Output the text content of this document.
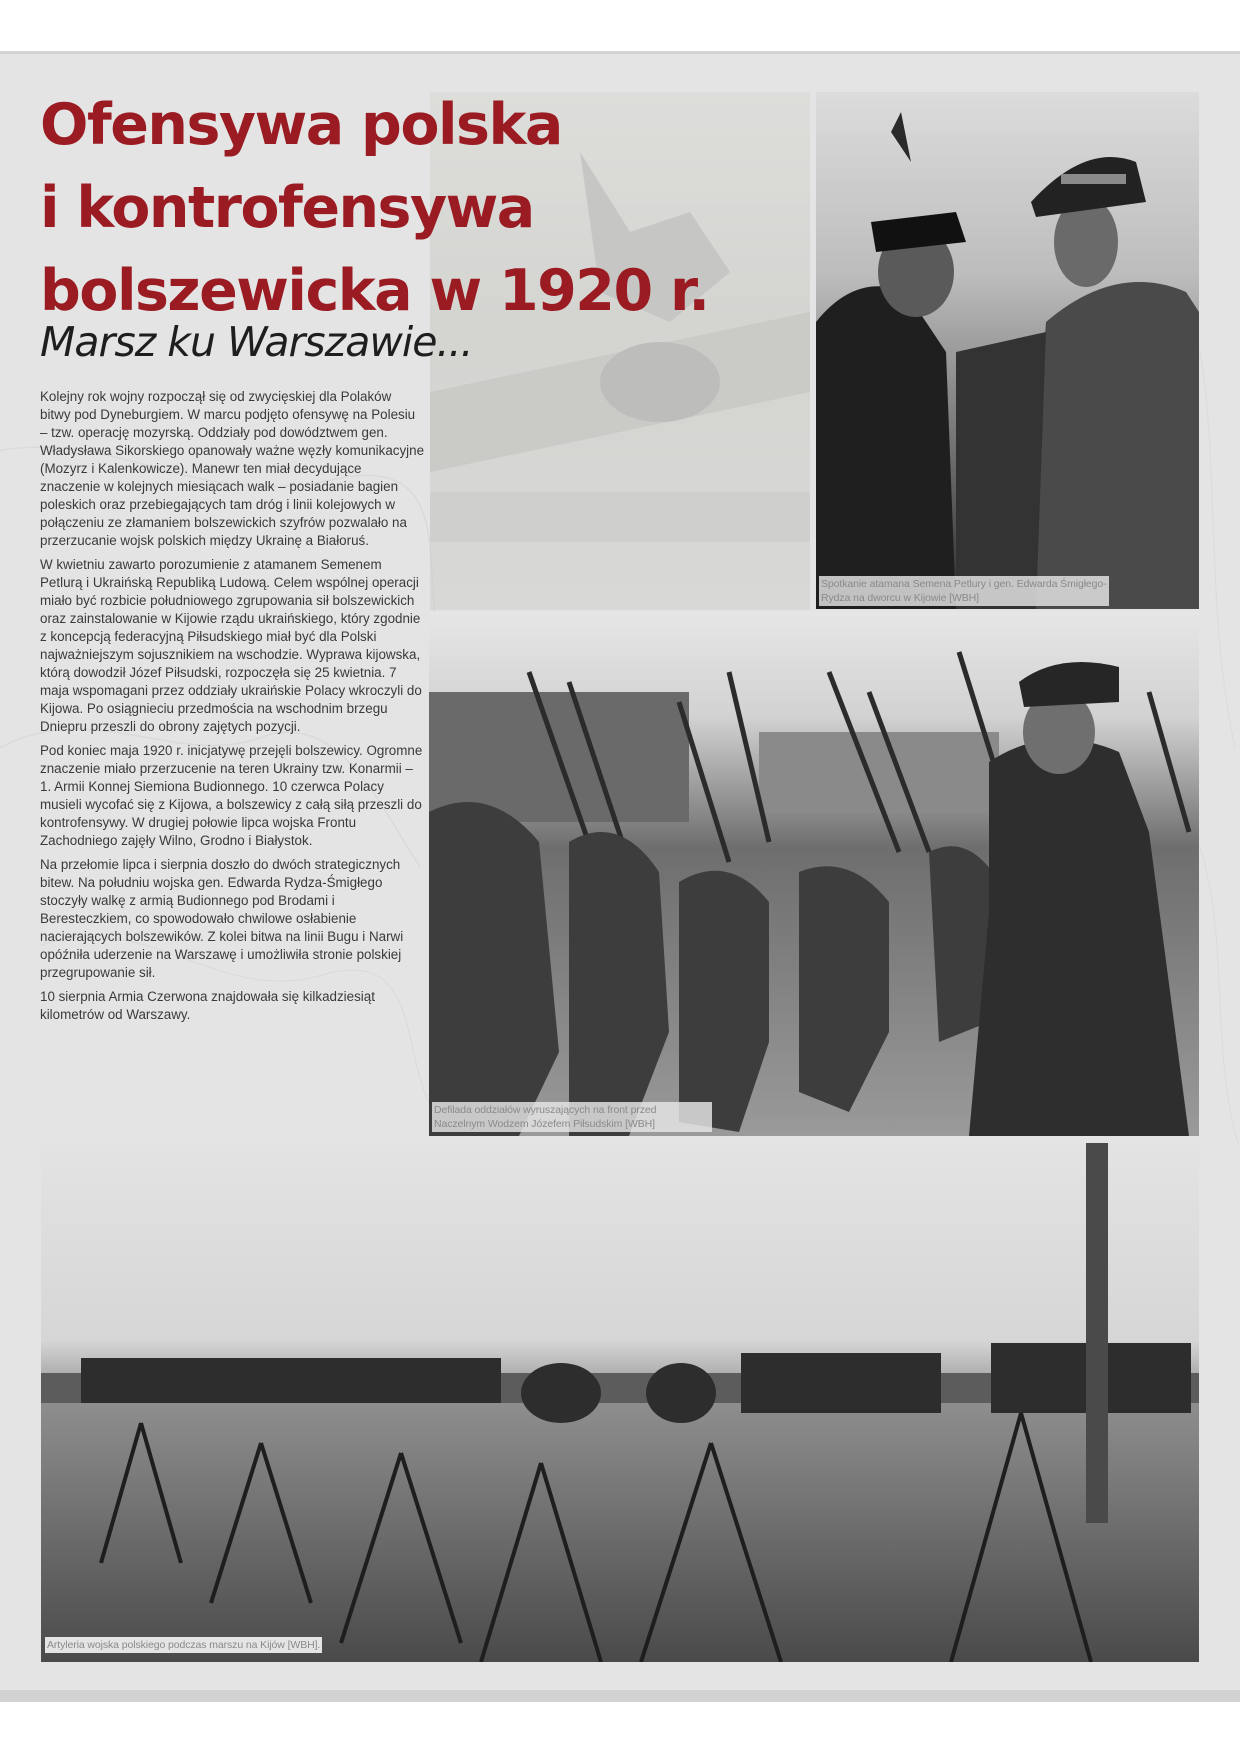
Spotkanie atamana Semena Petlury i gen. Edwarda Śmigłego-Rydza na dworcu w Kijowie [WBH]
Defilada oddziałów wyruszających na front przed Naczelnym Wodzem Józefem Piłsudskim [WBH]
Artyleria wojska polskiego podczas marszu na Kijów [WBH].
Ofensywa polska
i kontrofensywa
bolszewicka w 1920 r.
Marsz ku Warszawie...

Kolejny rok wojny rozpoczął się od zwycięskiej dla Polaków bitwy pod Dyneburgiem. W marcu podjęto ofensywę na Polesiu – tzw. operację mozyrską. Oddziały pod dowództwem gen. Władysława Sikorskiego opanowały ważne węzły komunikacyjne (Mozyrz i Kalenkowicze). Manewr ten miał decydujące znaczenie w kolejnych miesiącach walk – posiadanie bagien poleskich oraz przebiegających tam dróg i linii kolejowych w połączeniu ze złamaniem bolszewickich szyfrów pozwalało na przerzucanie wojsk polskich między Ukrainę a Białoruś.

W kwietniu zawarto porozumienie z atamanem Semenem Petlurą i Ukraińską Republiką Ludową. Celem wspólnej operacji miało być rozbicie południowego zgrupowania sił bolszewickich oraz zainstalowanie w Kijowie rządu ukraińskiego, który zgodnie z koncepcją federacyjną Piłsudskiego miał być dla Polski najważniejszym sojusznikiem na wschodzie. Wyprawa kijowska, którą dowodził Józef Piłsudski, rozpoczęła się 25 kwietnia. 7 maja wspomagani przez oddziały ukraińskie Polacy wkroczyli do Kijowa. Po osiągnieciu przedmościa na wschodnim brzegu Dniepru przeszli do obrony zajętych pozycji.

Pod koniec maja 1920 r. inicjatywę przejęli bolszewicy. Ogromne znaczenie miało przerzucenie na teren Ukrainy tzw. Konarmii – 1. Armii Konnej Siemiona Budionnego. 10 czerwca Polacy musieli wycofać się z Kijowa, a bolszewicy z całą siłą przeszli do kontrofensywy. W drugiej połowie lipca wojska Frontu Zachodniego zajęły Wilno, Grodno i Białystok.

Na przełomie lipca i sierpnia doszło do dwóch strategicznych bitew. Na południu wojska gen. Edwarda Rydza-Śmigłego stoczyły walkę z armią Budionnego pod Brodami i Beresteczkiem, co spowodowało chwilowe osłabienie nacierających bolszewików. Z kolei bitwa na linii Bugu i Narwi opóźniła uderzenie na Warszawę i umożliwiła stronie polskiej przegrupowanie sił.

10 sierpnia Armia Czerwona znajdowała się kilkadziesiąt kilometrów od Warszawy.
